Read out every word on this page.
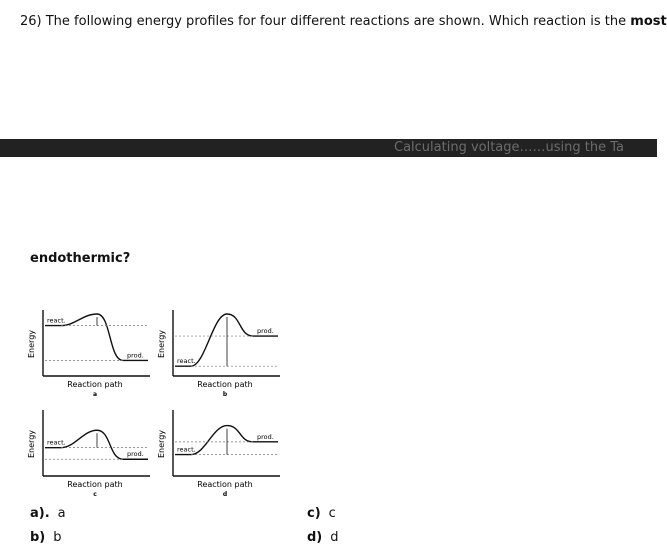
26) The following energy profiles for four different reactions are shown. Which reaction is the most
Calculating voltage……using the Ta
endothermic?
Energy
Reaction path
a
react.
prod. Energy
Reaction path
b
react.
prod.
Energy
Reaction path
c
react.
prod. Energy
Reaction path
d
react.
prod.
a). a
b) b
c) c
d) d
